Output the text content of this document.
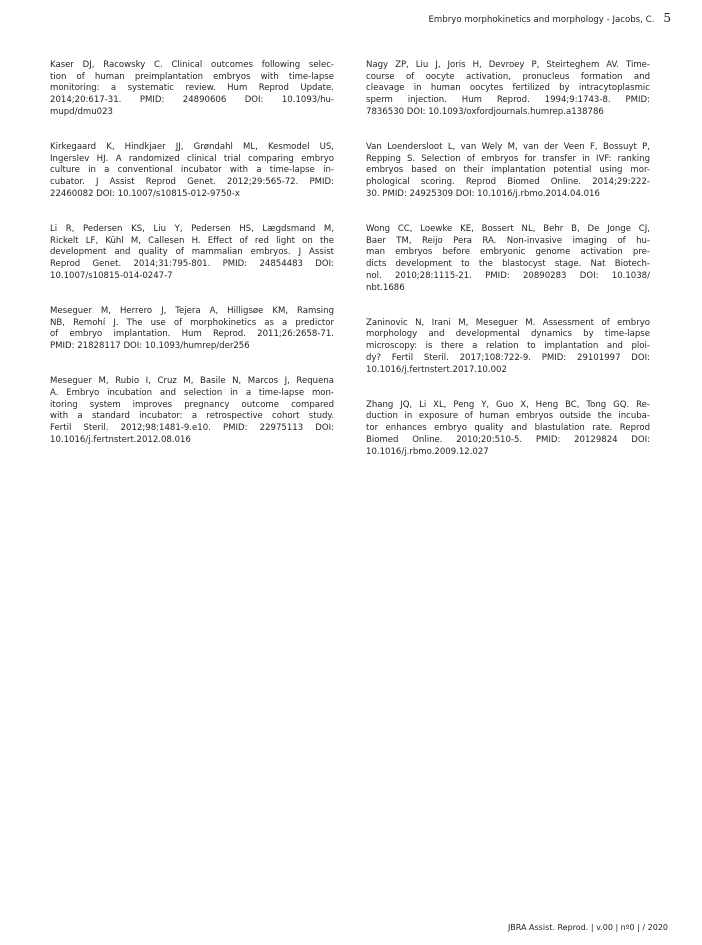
Embryo morphokinetics and morphology - Jacobs, C. 5

Kaser DJ, Racowsky C. Clinical outcomes following selec-
tion of human preimplantation embryos with time-lapse
monitoring: a systematic review. Hum Reprod Update.
2014;20:617-31. PMID: 24890606 DOI: 10.1093/hu-
mupd/dmu023

Kirkegaard K, Hindkjaer JJ, Grøndahl ML, Kesmodel US,
Ingerslev HJ. A randomized clinical trial comparing embryo
culture in a conventional incubator with a time-lapse in-
cubator. J Assist Reprod Genet. 2012;29:565-72. PMID:
22460082 DOI: 10.1007/s10815-012-9750-x

Li R, Pedersen KS, Liu Y, Pedersen HS, Lægdsmand M,
Rickelt LF, Kühl M, Callesen H. Effect of red light on the
development and quality of mammalian embryos. J Assist
Reprod Genet. 2014;31:795-801. PMID: 24854483 DOI:
10.1007/s10815-014-0247-7

Meseguer M, Herrero J, Tejera A, Hilligsøe KM, Ramsing
NB, Remohí J. The use of morphokinetics as a predictor
of embryo implantation. Hum Reprod. 2011;26:2658-71.
PMID: 21828117 DOI: 10.1093/humrep/der256

Meseguer M, Rubio I, Cruz M, Basile N, Marcos J, Requena
A. Embryo incubation and selection in a time-lapse mon-
itoring system improves pregnancy outcome compared
with a standard incubator: a retrospective cohort study.
Fertil Steril. 2012;98:1481-9.e10. PMID: 22975113 DOI:
10.1016/j.fertnstert.2012.08.016

Nagy ZP, Liu J, Joris H, Devroey P, Steirteghem AV. Time-
course of oocyte activation, pronucleus formation and
cleavage in human oocytes fertilized by intracytoplasmic
sperm injection. Hum Reprod. 1994;9:1743-8. PMID:
7836530 DOI: 10.1093/oxfordjournals.humrep.a138786

Van Loendersloot L, van Wely M, van der Veen F, Bossuyt P,
Repping S. Selection of embryos for transfer in IVF: ranking
embryos based on their implantation potential using mor-
phological scoring. Reprod Biomed Online. 2014;29:222-
30. PMID: 24925309 DOI: 10.1016/j.rbmo.2014.04.016

Wong CC, Loewke KE, Bossert NL, Behr B, De Jonge CJ,
Baer TM, Reijo Pera RA. Non-invasive imaging of hu-
man embryos before embryonic genome activation pre-
dicts development to the blastocyst stage. Nat Biotech-
nol. 2010;28:1115-21. PMID: 20890283 DOI: 10.1038/
nbt.1686

Zaninovic N, Irani M, Meseguer M. Assessment of embryo
morphology and developmental dynamics by time-lapse
microscopy: is there a relation to implantation and ploi-
dy? Fertil Steril. 2017;108:722-9. PMID: 29101997 DOI:
10.1016/j.fertnstert.2017.10.002

Zhang JQ, Li XL, Peng Y, Guo X, Heng BC, Tong GQ. Re-
duction in exposure of human embryos outside the incuba-
tor enhances embryo quality and blastulation rate. Reprod
Biomed Online. 2010;20:510-5. PMID: 20129824 DOI:
10.1016/j.rbmo.2009.12.027

JBRA Assist. Reprod. | v.00 | nº0 | / 2020
